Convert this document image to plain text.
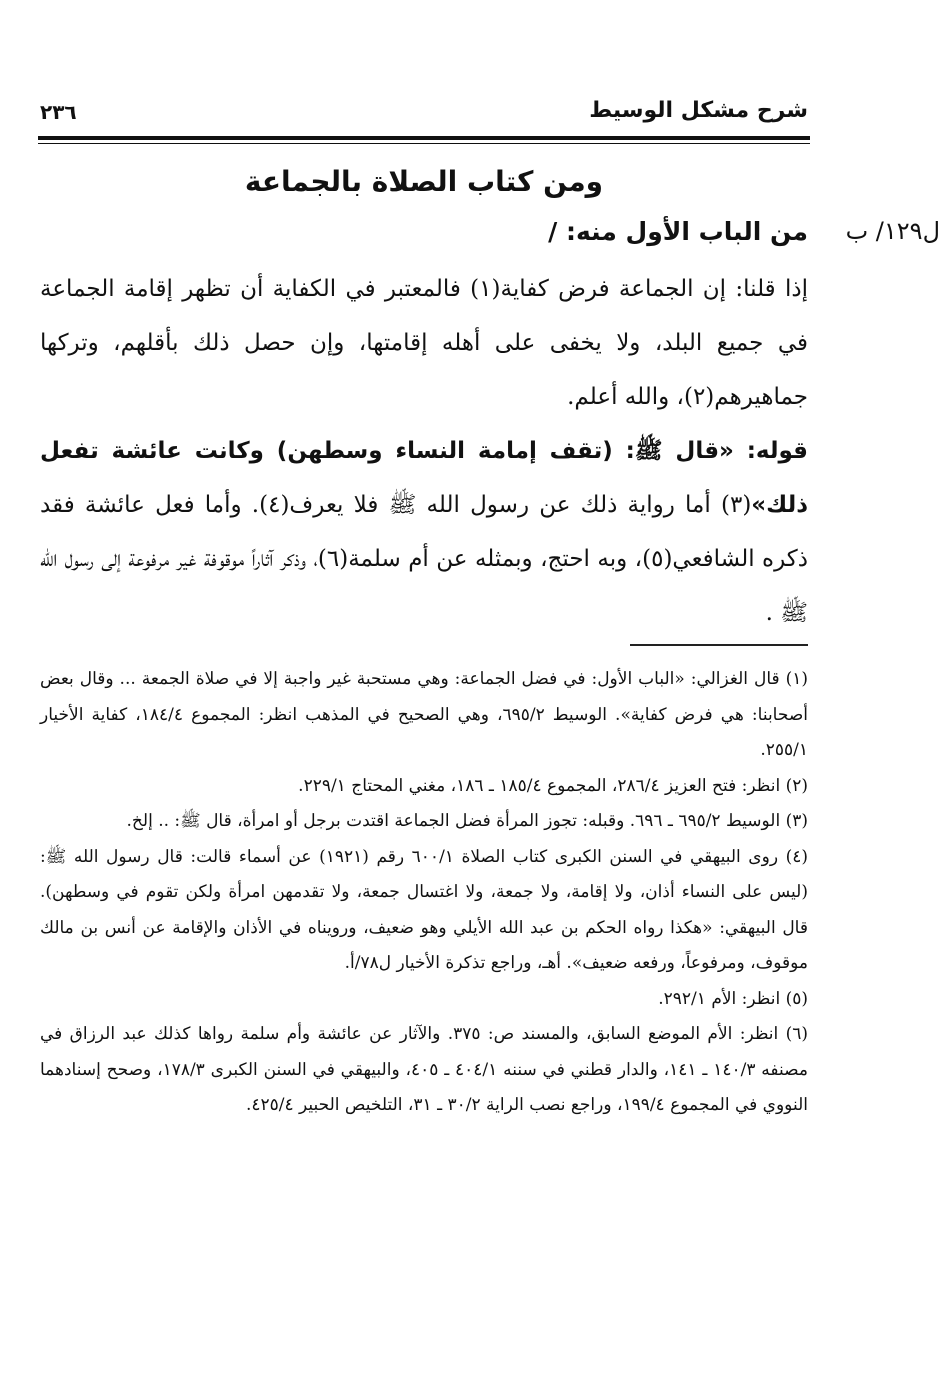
شرح مشكل الوسيط
٢٣٦
ومن كتاب الصلاة بالجماعة
ل١٢٩/ ب
من الباب الأول منه: /

إذا قلنا: إن الجماعة فرض كفاية(١) فالمعتبر في الكفاية أن تظهر إقامة الجماعة في جميع البلد، ولا يخفى على أهله إقامتها، وإن حصل ذلك بأقلهم، وتركها جماهيرهم(٢)، والله أعلم.

قوله: «قال ﷺ: (تقف إمامة النساء وسطهن) وكانت عائشة تفعل ذلك»(٣) أما رواية ذلك عن رسول الله ﷺ فلا يعرف(٤). وأما فعل عائشة فقد ذكره الشافعي(٥)، وبه احتج، وبمثله عن أم سلمة(٦)، وذكر آثاراً موقوفة غير مرفوعة إلى رسول الله ﷺ .

(١) قال الغزالي: «الباب الأول: في فضل الجماعة: وهي مستحبة غير واجبة إلا في صلاة الجمعة ... وقال بعض أصحابنا: هي فرض كفاية». الوسيط ٦٩٥/٢، وهي الصحيح في المذهب انظر: المجموع ١٨٤/٤، كفاية الأخيار ٢٥٥/١.

(٢) انظر: فتح العزيز ٢٨٦/٤، المجموع ١٨٥/٤ ـ ١٨٦، مغني المحتاج ٢٢٩/١.

(٣) الوسيط ٦٩٥/٢ ـ ٦٩٦. وقبله: تجوز المرأة فضل الجماعة اقتدت برجل أو امرأة، قال ﷺ: .. إلخ.

(٤) روى البيهقي في السنن الكبرى كتاب الصلاة ٦٠٠/١ رقم (١٩٢١) عن أسماء قالت: قال رسول الله ﷺ: (ليس على النساء أذان، ولا إقامة، ولا جمعة، ولا اغتسال جمعة، ولا تقدمهن امرأة ولكن تقوم في وسطهن). قال البيهقي: «هكذا رواه الحكم بن عبد الله الأيلي وهو ضعيف، ورويناه في الأذان والإقامة عن أنس بن مالك موقوف، ومرفوعاً، ورفعه ضعيف». أهـ، وراجع تذكرة الأخيار ل٧٨/أ.

(٥) انظر: الأم ٢٩٢/١.

(٦) انظر: الأم الموضع السابق، والمسند ص: ٣٧٥. والآثار عن عائشة وأم سلمة رواها كذلك عبد الرزاق في مصنفه ١٤٠/٣ ـ ١٤١، والدار قطني في سننه ٤٠٤/١ ـ ٤٠٥، والبيهقي في السنن الكبرى ١٧٨/٣، وصحح إسنادهما النووي في المجموع ١٩٩/٤، وراجع نصب الراية ٣٠/٢ ـ ٣١، التلخيص الحبير ٤٢٥/٤.
